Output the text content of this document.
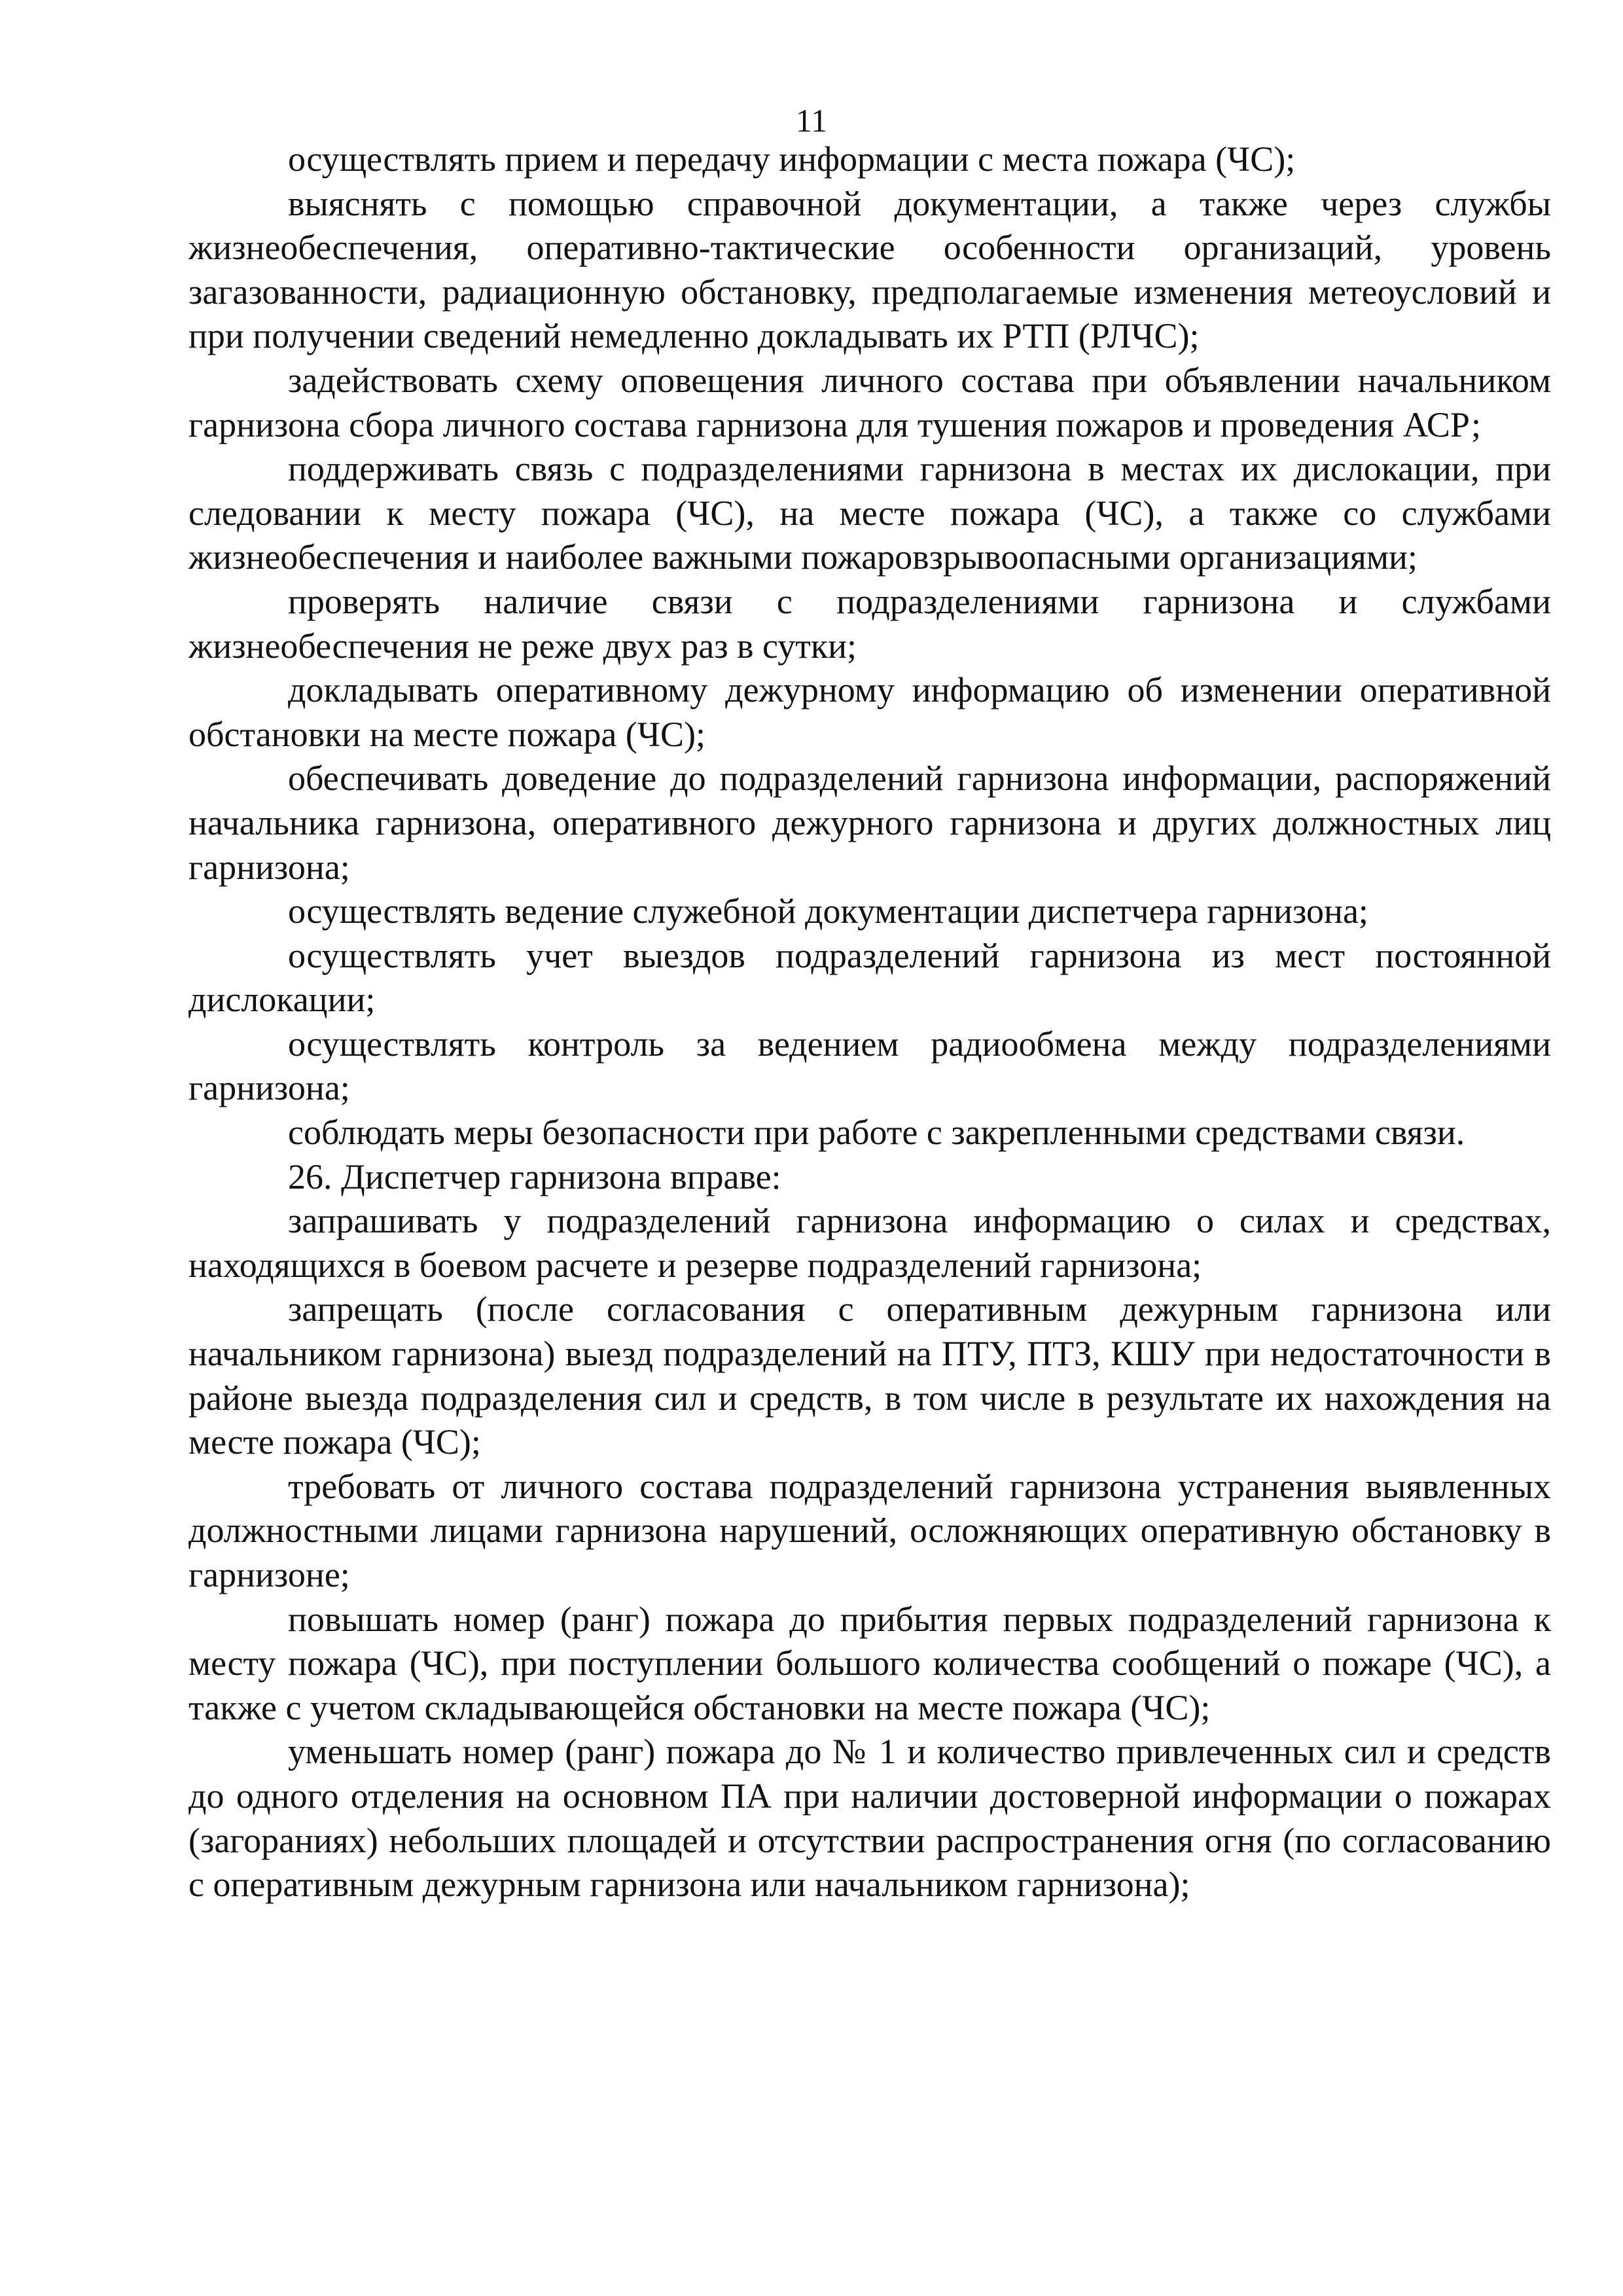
11

осуществлять прием и передачу информации с места пожара (ЧС);

выяснять с помощью справочной документации, а также через службы жизнеобеспечения, оперативно-тактические особенности организаций, уровень загазованности, радиационную обстановку, предполагаемые изменения метеоусловий и при получении сведений немедленно докладывать их РТП (РЛЧС);

задействовать схему оповещения личного состава при объявлении начальником гарнизона сбора личного состава гарнизона для тушения пожаров и проведения АСР;

поддерживать связь с подразделениями гарнизона в местах их дислокации, при следовании к месту пожара (ЧС), на месте пожара (ЧС), а также со службами жизнеобеспечения и наиболее важными пожаровзрывоопасными организациями;

проверять наличие связи с подразделениями гарнизона и службами жизнеобеспечения не реже двух раз в сутки;

докладывать оперативному дежурному информацию об изменении оперативной обстановки на месте пожара (ЧС);

обеспечивать доведение до подразделений гарнизона информации, распоряжений начальника гарнизона, оперативного дежурного гарнизона и других должностных лиц гарнизона;

осуществлять ведение служебной документации диспетчера гарнизона;

осуществлять учет выездов подразделений гарнизона из мест постоянной дислокации;

осуществлять контроль за ведением радиообмена между подразделениями гарнизона;

соблюдать меры безопасности при работе с закрепленными средствами связи.

26. Диспетчер гарнизона вправе:

запрашивать у подразделений гарнизона информацию о силах и средствах, находящихся в боевом расчете и резерве подразделений гарнизона;

запрещать (после согласования с оперативным дежурным гарнизона или начальником гарнизона) выезд подразделений на ПТУ, ПТЗ, КШУ при недостаточности в районе выезда подразделения сил и средств, в том числе в результате их нахождения на месте пожара (ЧС);

требовать от личного состава подразделений гарнизона устранения выявленных должностными лицами гарнизона нарушений, осложняющих оперативную обстановку в гарнизоне;

повышать номер (ранг) пожара до прибытия первых подразделений гарнизона к месту пожара (ЧС), при поступлении большого количества сообщений о пожаре (ЧС), а также с учетом складывающейся обстановки на месте пожара (ЧС);

уменьшать номер (ранг) пожара до № 1 и количество привлеченных сил и средств до одного отделения на основном ПА при наличии достоверной информации о пожарах (загораниях) небольших площадей и отсутствии распространения огня (по согласованию с оперативным дежурным гарнизона или начальником гарнизона);
